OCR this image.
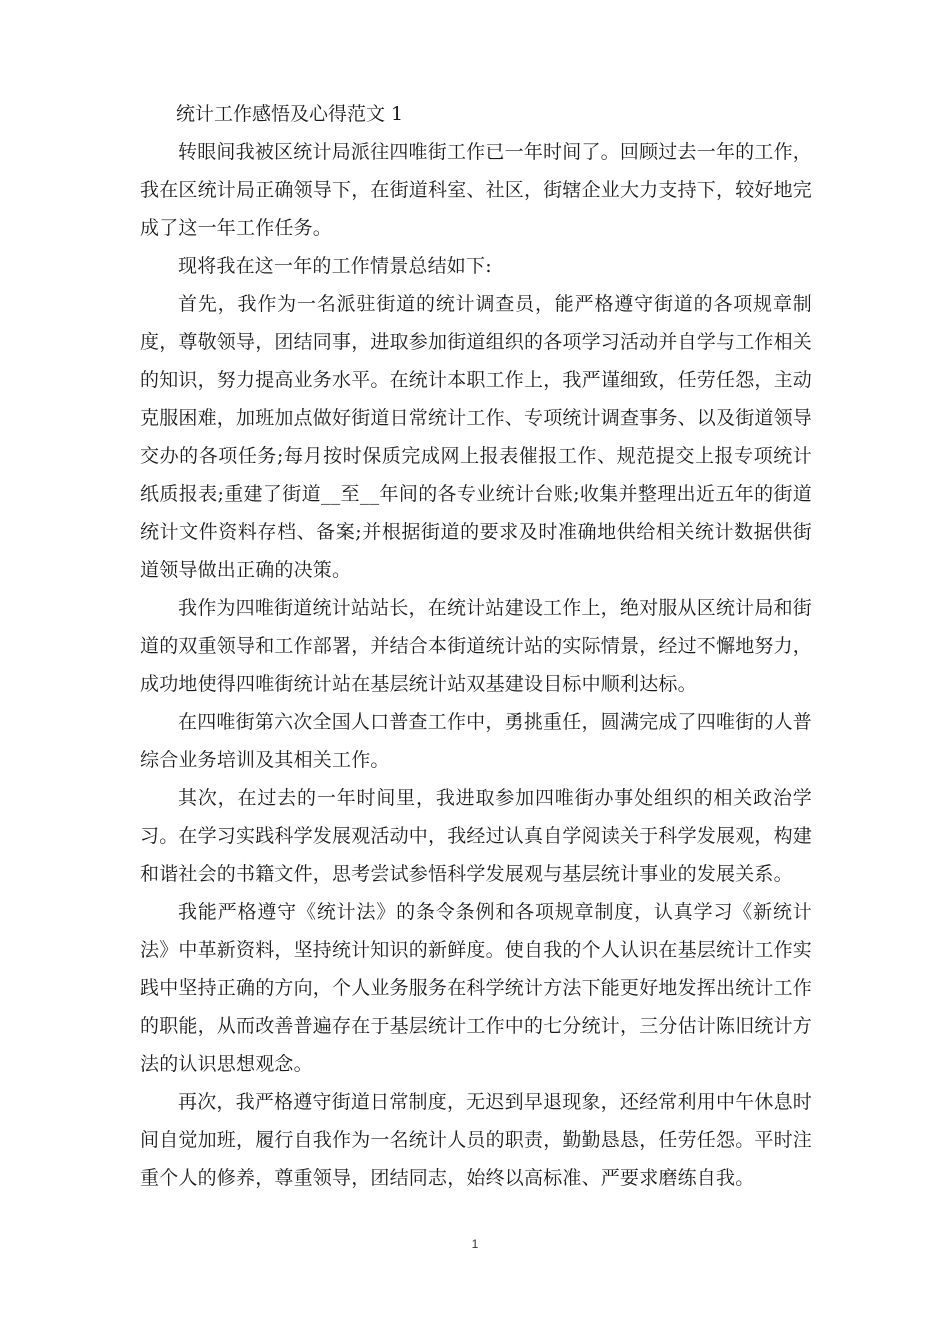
统计工作感悟及心得范文 1

转眼间我被区统计局派往四唯街工作已一年时间了。回顾过去一年的工作，我在区统计局正确领导下，在街道科室、社区，街辖企业大力支持下，较好地完成了这一年工作任务。

现将我在这一年的工作情景总结如下:

首先，我作为一名派驻街道的统计调查员，能严格遵守街道的各项规章制度，尊敬领导，团结同事，进取参加街道组织的各项学习活动并自学与工作相关的知识，努力提高业务水平。在统计本职工作上，我严谨细致，任劳任怨，主动克服困难，加班加点做好街道日常统计工作、专项统计调查事务、以及街道领导交办的各项任务;每月按时保质完成网上报表催报工作、规范提交上报专项统计纸质报表;重建了街道__至__年间的各专业统计台账;收集并整理出近五年的街道统计文件资料存档、备案;并根据街道的要求及时准确地供给相关统计数据供街道领导做出正确的决策。

我作为四唯街道统计站站长，在统计站建设工作上，绝对服从区统计局和街道的双重领导和工作部署，并结合本街道统计站的实际情景，经过不懈地努力，成功地使得四唯街统计站在基层统计站双基建设目标中顺利达标。

在四唯街第六次全国人口普查工作中，勇挑重任，圆满完成了四唯街的人普综合业务培训及其相关工作。

其次，在过去的一年时间里，我进取参加四唯街办事处组织的相关政治学习。在学习实践科学发展观活动中，我经过认真自学阅读关于科学发展观，构建和谐社会的书籍文件，思考尝试参悟科学发展观与基层统计事业的发展关系。

我能严格遵守《统计法》的条令条例和各项规章制度，认真学习《新统计法》中革新资料，坚持统计知识的新鲜度。使自我的个人认识在基层统计工作实践中坚持正确的方向，个人业务服务在科学统计方法下能更好地发挥出统计工作的职能，从而改善普遍存在于基层统计工作中的七分统计，三分估计陈旧统计方法的认识思想观念。

再次，我严格遵守街道日常制度，无迟到早退现象，还经常利用中午休息时间自觉加班，履行自我作为一名统计人员的职责，勤勤恳恳，任劳任怨。平时注重个人的修养，尊重领导，团结同志，始终以高标准、严要求磨练自我。

1
